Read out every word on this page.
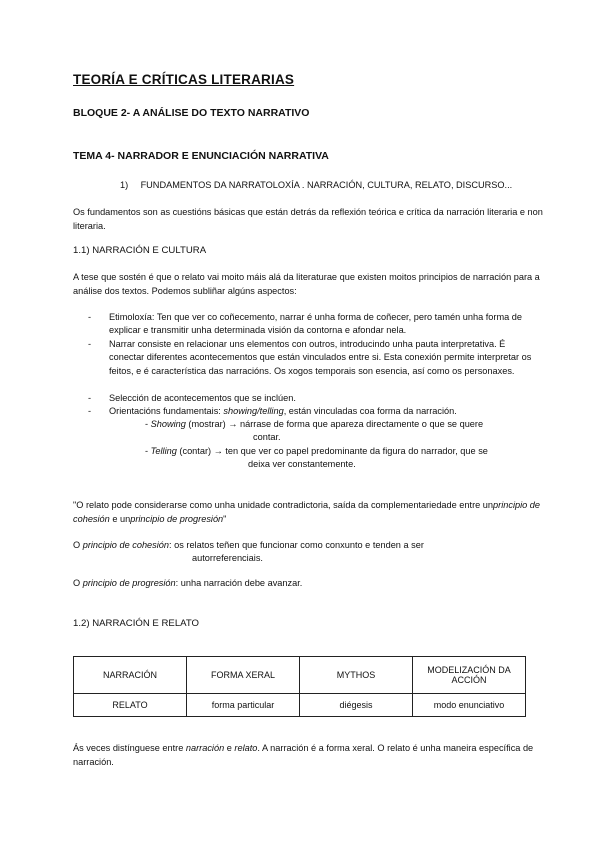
TEORÍA E CRÍTICAS LITERARIAS
BLOQUE 2- A ANÁLISE DO TEXTO NARRATIVO
TEMA 4- NARRADOR E ENUNCIACIÓN NARRATIVA
1) FUNDAMENTOS DA NARRATOLOXÍA . NARRACIÓN, CULTURA, RELATO, DISCURSO...
Os fundamentos son as cuestións básicas que están detrás da reflexión teórica e crítica da narración literaria e non literaria.
1.1) NARRACIÓN E CULTURA
A tese que sostén é que o relato vai moito máis alá da literaturae que existen moitos principios de narración para a análise dos textos. Podemos subliñar algúns aspectos:
- Etimoloxía: Ten que ver co coñecemento, narrar é unha forma de coñecer, pero tamén unha forma de explicar e transmitir unha determinada visión da contorna e afondar nela.
- Narrar consiste en relacionar uns elementos con outros, introducindo unha pauta interpretativa. É conectar diferentes acontecementos que están vinculados entre si. Esta conexión permite interpretar os feitos, e é característica das narracións. Os xogos temporais son esencia, así como os personaxes.
- Selección de acontecementos que se inclúen.
- Orientacións fundamentais: showing/telling, están vinculadas coa forma da narración.
- Showing (mostrar) → nárrase de forma que apareza directamente o que se quere
contar.
- Telling (contar) → ten que ver co papel predominante da figura do narrador, que se
deixa ver constantemente.
"O relato pode considerarse como unha unidade contradictoria, saída da complementariedade entre unprincipio de cohesión e unprincipio de progresión"
O principio de cohesión: os relatos teñen que funcionar como conxunto e tenden a ser
autorreferenciais.
O principio de progresión: unha narración debe avanzar.
1.2) NARRACIÓN E RELATO
NARRACIÓN	FORMA XERAL	MYTHOS	MODELIZACIÓN DA ACCIÓN
RELATO	forma particular	diégesis	modo enunciativo
Ás veces distínguese entre narración e relato. A narración é a forma xeral. O relato é unha maneira específica de narración.
